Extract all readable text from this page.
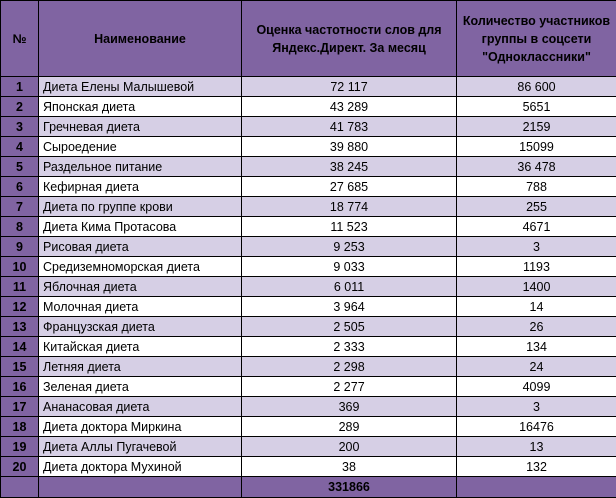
№	Наименование	Оценка частотности слов для Яндекс.Директ. За месяц	Количество участников группы в соцсети "Одноклассники"
1	Диета Елены Малышевой	72 117	86 600
2	Японская диета	43 289	5651
3	Гречневая диета	41 783	2159
4	Сыроедение	39 880	15099
5	Раздельное питание	38 245	36 478
6	Кефирная диета	27 685	788
7	Диета по группе крови	18 774	255
8	Диета Кима Протасова	11 523	4671
9	Рисовая диета	9 253	3
10	Средиземноморская диета	9 033	1193
11	Яблочная диета	6 011	1400
12	Молочная диета	3 964	14
13	Французская диета	2 505	26
14	Китайская диета	2 333	134
15	Летняя диета	2 298	24
16	Зеленая диета	2 277	4099
17	Ананасовая диета	369	3
18	Диета доктора Миркина	289	16476
19	Диета Аллы Пугачевой	200	13
20	Диета доктора Мухиной	38	132
		331866	
